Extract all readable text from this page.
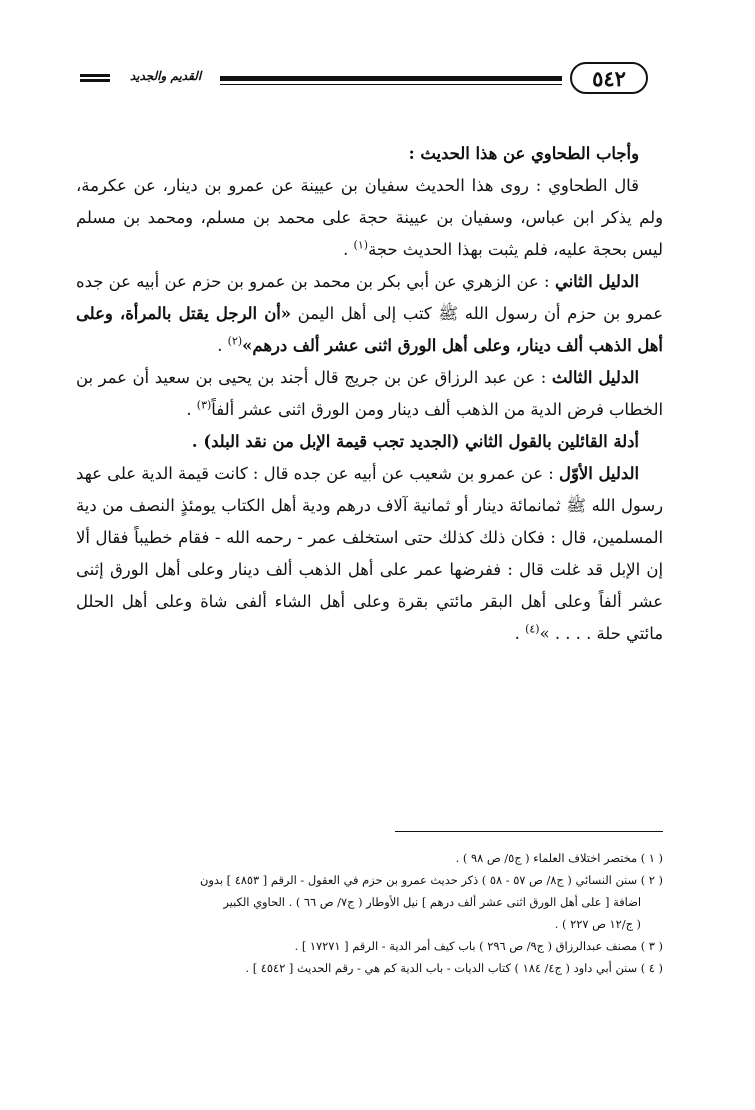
٥٤٢
القديم والجديد

وأجاب الطحاوي عن هذا الحديث :

قال الطحاوي : روى هذا الحديث سفيان بن عيينة عن عمرو بن دينار، عن عكرمة، ولم يذكر ابن عباس، وسفيان بن عيينة حجة على محمد بن مسلم، ومحمد بن مسلم ليس بحجة عليه، فلم يثبت بهذا الحديث حجة$^{(١)}$ .

الدليل الثاني : عن الزهري عن أبي بكر بن محمد بن عمرو بن حزم عن أبيه عن جده عمرو بن حزم أن رسول الله ﷺ كتب إلى أهل اليمن «أن الرجل يقتل بالمرأة، وعلى أهل الذهب ألف دينار، وعلى أهل الورق اثنى عشر ألف درهم»$^{(٢)}$ .

الدليل الثالث : عن عبد الرزاق عن بن جريج قال أجند بن يحيى بن سعيد أن عمر بن الخطاب فرض الدية من الذهب ألف دينار ومن الورق اثنى عشر ألفاً$^{(٣)}$ .

أدلة القائلين بالقول الثاني (الجديد تجب قيمة الإبل من نقد البلد) .

الدليل الأوّل : عن عمرو بن شعيب عن أبيه عن جده قال : كانت قيمة الدية على عهد رسول الله ﷺ ثمانمائة دينار أو ثمانية آلاف درهم ودية أهل الكتاب يومئذٍ النصف من دية المسلمين، قال : فكان ذلك كذلك حتى استخلف عمر - رحمه الله - فقام خطيباً فقال ألا إن الإبل قد غلت قال : ففرضها عمر على أهل الذهب ألف دينار وعلى أهل الورق إثنى عشر ألفاً وعلى أهل البقر مائتي بقرة وعلى أهل الشاء ألفى شاة وعلى أهل الحلل مائتي حلة . . . . »$^{(٤)}$ .

( ١ ) مختصر اختلاف العلماء ( ج٥/ ص ٩٨ ) .

( ٢ ) سنن النسائي ( ج٨/ ص ٥٧ - ٥٨ ) ذكر حديث عمرو بن حزم في العقول - الرقم [ ٤٨٥٣ ] بدون

اضافة [ على أهل الورق اثنى عشر ألف درهم ] نيل الأوطار ( ج٧/ ص ٦٦ ) . الحاوي الكبير

( ج/١٢ ص ٢٢٧ ) .

( ٣ ) مصنف عبدالرزاق ( ج٩/ ص ٢٩٦ ) باب كيف أمر الدية - الرقم [ ١٧٢٧١ ] .

( ٤ ) سنن أبي داود ( ج٤/ ١٨٤ ) كتاب الديات - باب الدية كم هي - رقم الحديث [ ٤٥٤٢ ] .
